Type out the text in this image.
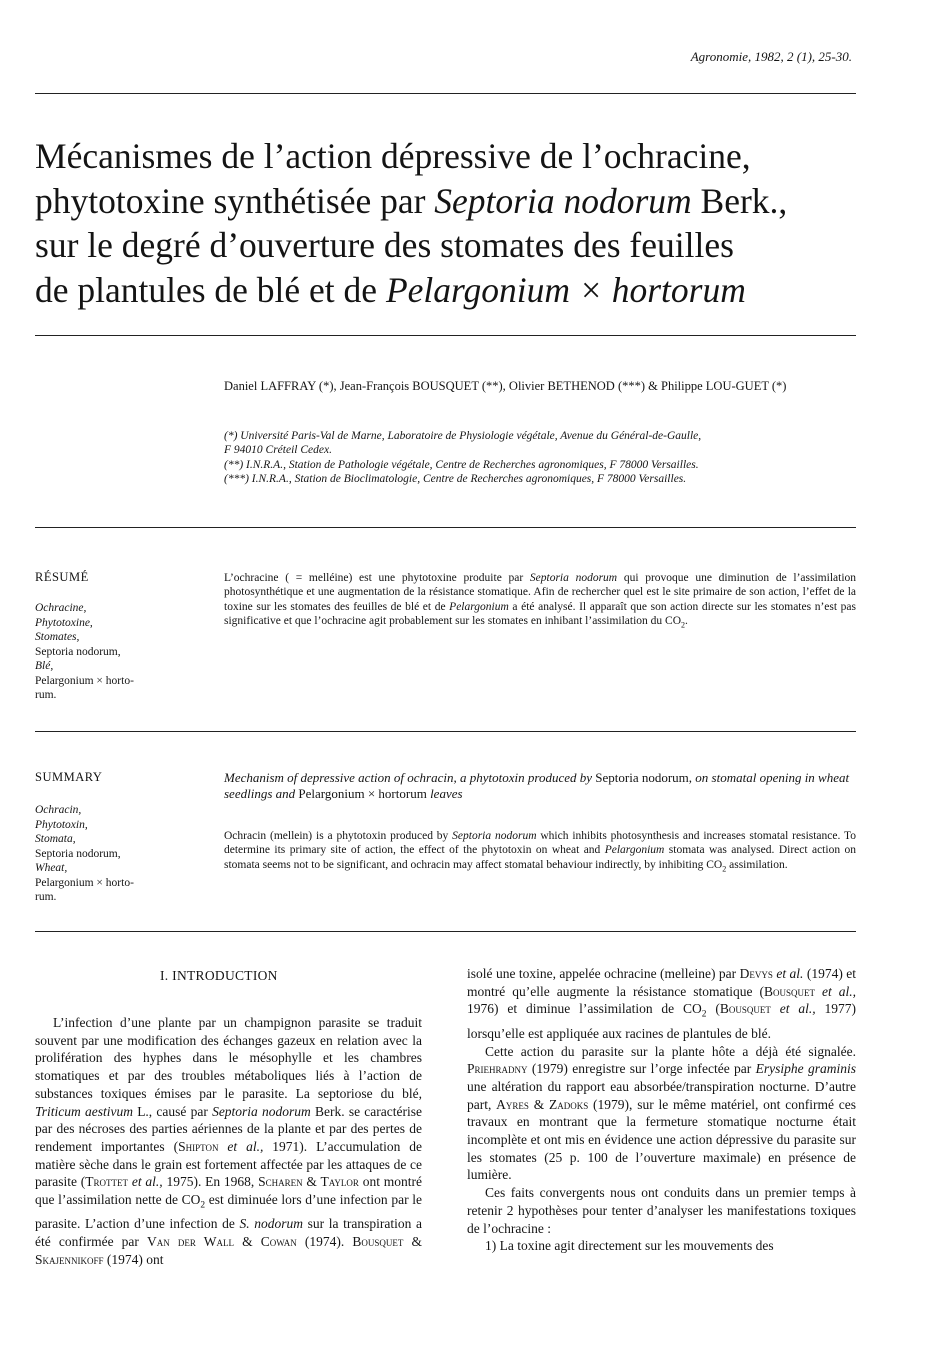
Agronomie, 1982, 2 (1), 25-30.
Mécanismes de l’action dépressive de l’ochracine,
phytotoxine synthétisée par Septoria nodorum Berk.,
sur le degré d’ouverture des stomates des feuilles
de plantules de blé et de Pelargonium × hortorum
Daniel LAFFRAY (*), Jean-François BOUSQUET (**), Olivier BETHENOD (***) & Philippe LOU-GUET (*)
(*) Université Paris-Val de Marne, Laboratoire de Physiologie végétale, Avenue du Général-de-Gaulle,
F 94010 Créteil Cedex.
(**) I.N.R.A., Station de Pathologie végétale, Centre de Recherches agronomiques, F 78000 Versailles.
(***) I.N.R.A., Station de Bioclimatologie, Centre de Recherches agronomiques, F 78000 Versailles.
RÉSUMÉ
Ochracine,
Phytotoxine,
Stomates,
Septoria nodorum,
Blé,
Pelargonium × horto-
rum.
L’ochracine ( = melléine) est une phytotoxine produite par Septoria nodorum qui provoque une diminution de l’assimilation photosynthétique et une augmentation de la résistance stomatique. Afin de rechercher quel est le site primaire de son action, l’effet de la toxine sur les stomates des feuilles de blé et de Pelargonium a été analysé. Il apparaît que son action directe sur les stomates n’est pas significative et que l’ochracine agit probablement sur les stomates en inhibant l’assimilation du $CO_2$.
SUMMARY
Ochracin,
Phytotoxin,
Stomata,
Septoria nodorum,
Wheat,
Pelargonium × horto-
rum.
Mechanism of depressive action of ochracin, a phytotoxin produced by Septoria nodorum, on stomatal opening in wheat seedlings and Pelargonium × hortorum leaves
Ochracin (mellein) is a phytotoxin produced by Septoria nodorum which inhibits photosynthesis and increases stomatal resistance. To determine its primary site of action, the effect of the phytotoxin on wheat and Pelargonium stomata was analysed. Direct action on stomata seems not to be significant, and ochracin may affect stomatal behaviour indirectly, by inhibiting $CO_2$ assimilation.
I. INTRODUCTION

L’infection d’une plante par un champignon parasite se traduit souvent par une modification des échanges gazeux en relation avec la prolifération des hyphes dans le mésophylle et les chambres stomatiques et par des troubles métaboliques liés à l’action de substances toxiques émises par le parasite. La septoriose du blé, Triticum aestivum L., causé par Septoria nodorum Berk. se caractérise par des nécroses des parties aériennes de la plante et par des pertes de rendement importantes (Shipton et al., 1971). L’accumulation de matière sèche dans le grain est fortement affectée par les attaques de ce parasite (Trottet et al., 1975). En 1968, Scharen & Taylor ont montré que l’assimilation nette de $CO_2$ est diminuée lors d’une infection par le parasite. L’action d’une infection de S. nodorum sur la transpiration a été confirmée par Van der Wall & Cowan (1974). Bousquet & Skajennikoff (1974) ont

isolé une toxine, appelée ochracine (melleine) par Devys et al. (1974) et montré qu’elle augmente la résistance stomatique (Bousquet et al., 1976) et diminue l’assimilation de $CO_2$ (Bousquet et al., 1977) lorsqu’elle est appliquée aux racines de plantules de blé.

Cette action du parasite sur la plante hôte a déjà été signalée. Priehradny (1979) enregistre sur l’orge infectée par Erysiphe graminis une altération du rapport eau absorbée/transpiration nocturne. D’autre part, Ayres & Zadoks (1979), sur le même matériel, ont confirmé ces travaux en montrant que la fermeture stomatique nocturne était incomplète et ont mis en évidence une action dépressive du parasite sur les stomates (25 p. 100 de l’ouverture maximale) en présence de lumière.

Ces faits convergents nous ont conduits dans un premier temps à retenir 2 hypothèses pour tenter d’analyser les manifestations toxiques de l’ochracine :

1) La toxine agit directement sur les mouvements des
